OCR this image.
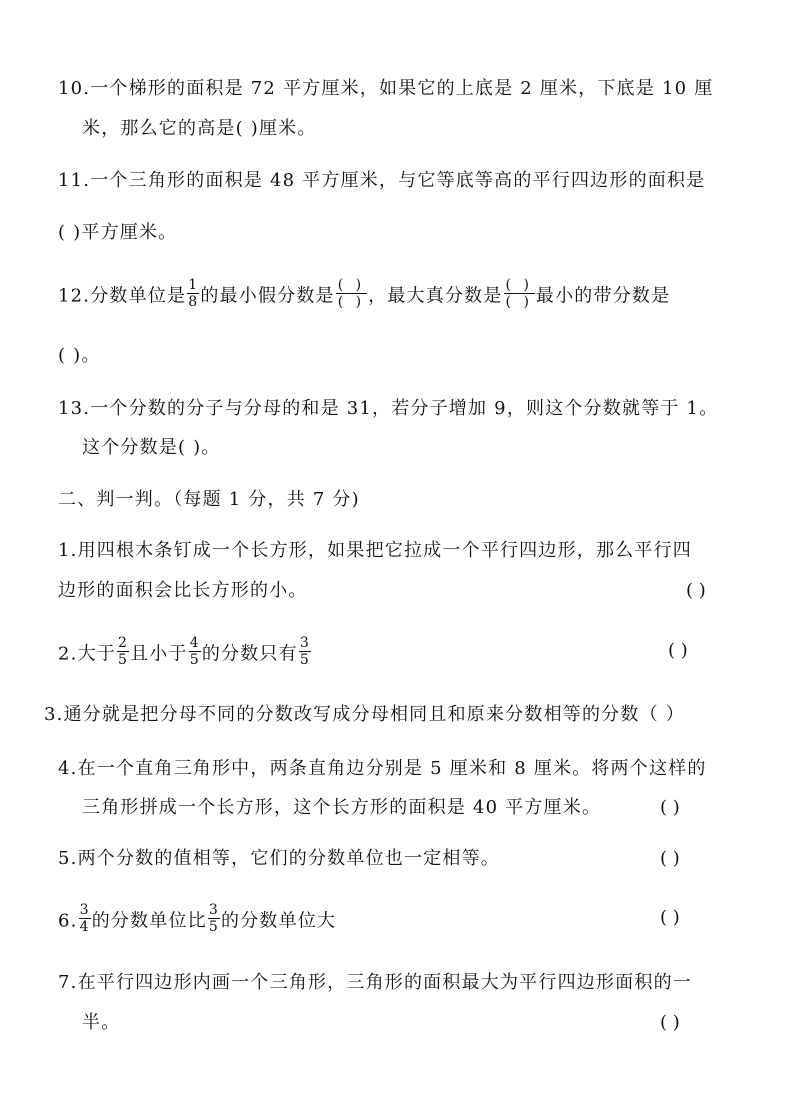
10.一个梯形的面积是 72 平方厘米，如果它的上底是 2 厘米，下底是 10 厘
米，那么它的高是( )厘米。
11.一个三角形的面积是 48 平方厘米，与它等底等高的平行四边形的面积是
( )平方厘米。
12.分数单位是 $\frac{1}{8}$ 的最小假分数是 $\frac{( )}{( )}$ ，最大真分数是 $\frac{( )}{( )}$ 最小的带分数是
( )。
13.一个分数的分子与分母的和是 31，若分子增加 9，则这个分数就等于 1。
这个分数是( )。
二、判一判。（每题 1 分，共 7 分)
1.用四根木条钉成一个长方形，如果把它拉成一个平行四边形，那么平行四
边形的面积会比长方形的小。	( )
2.大于 $\frac{2}{5}$ 且小于 $\frac{4}{5}$ 的分数只有 $\frac{3}{5}$	( )
3.通分就是把分母不同的分数改写成分母相同且和原来分数相等的分数（ ）
4.在一个直角三角形中，两条直角边分别是 5 厘米和 8 厘米。将两个这样的
三角形拼成一个长方形，这个长方形的面积是 40 平方厘米。	( )
5.两个分数的值相等，它们的分数单位也一定相等。	( )
6. $\frac{3}{4}$ 的分数单位比 $\frac{3}{5}$ 的分数单位大	( )
7.在平行四边形内画一个三角形，三角形的面积最大为平行四边形面积的一
半。	( )
